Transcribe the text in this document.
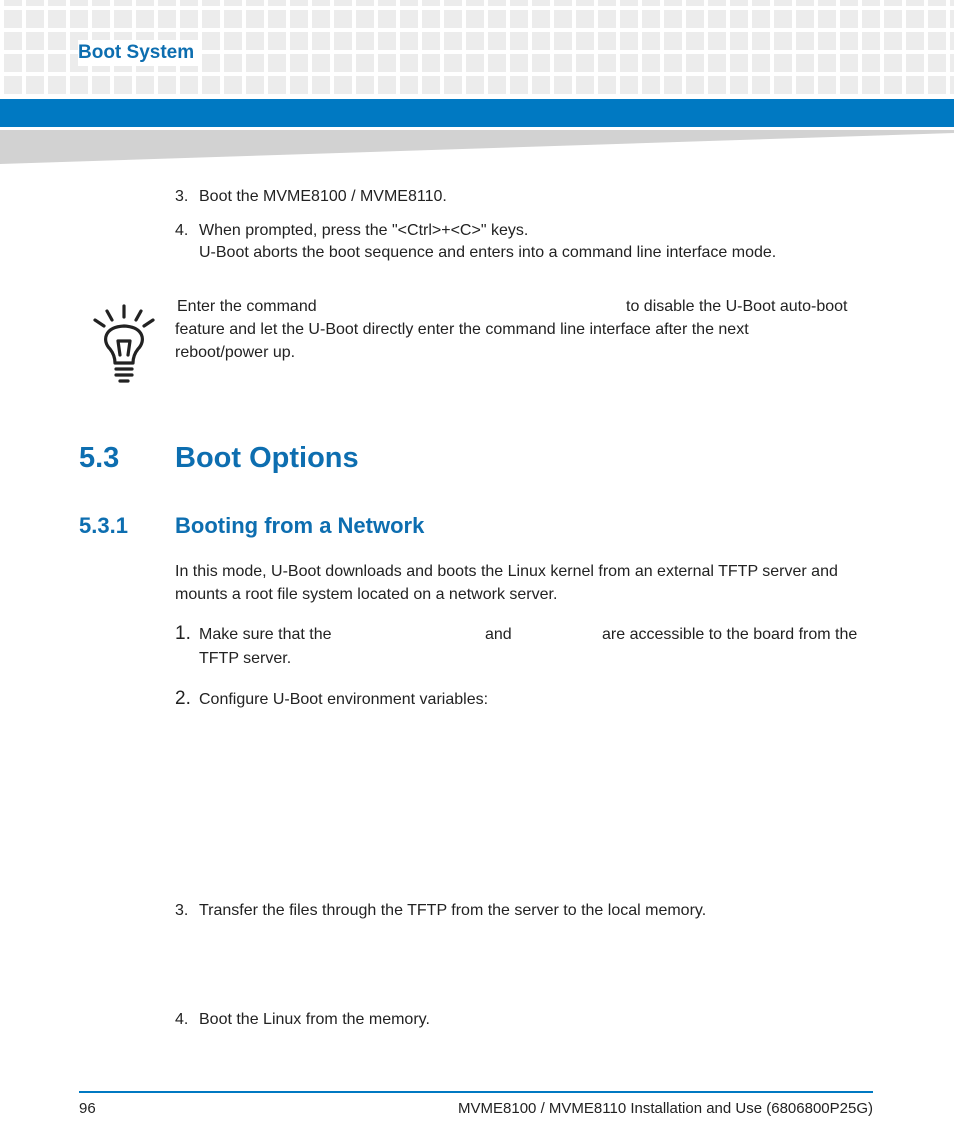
Boot System
3. Boot the MVME8100 / MVME8110.
4. When prompted, press the "<Ctrl>+<C>" keys.
U-Boot aborts the boot sequence and enters into a command line interface mode.
Enter the command	to disable the U-Boot auto-boot
feature and let the U-Boot directly enter the command line interface after the next
reboot/power up.
5.3 Boot Options
5.3.1 Booting from a Network
In this mode, U-Boot downloads and boots the Linux kernel from an external TFTP server and
mounts a root file system located on a network server.
1. Make sure that the	and	are accessible to the board from the
TFTP server.
2. Configure U-Boot environment variables:
3. Transfer the files through the TFTP from the server to the local memory.
4. Boot the Linux from the memory.
96	MVME8100 / MVME8110 Installation and Use (6806800P25G)
